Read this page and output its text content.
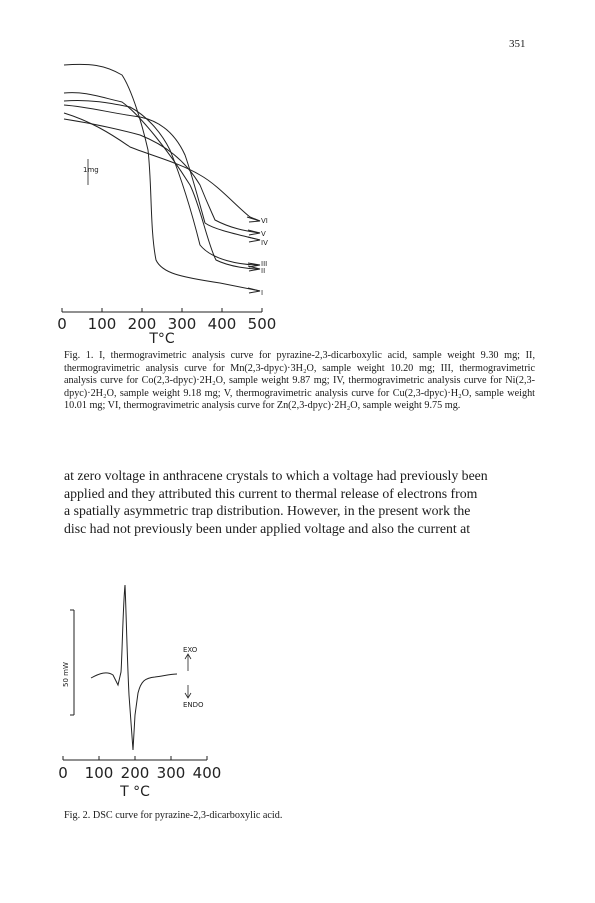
351
1mg
VI
V
IV
III
II
I
0 100 200 300 400 500
T°C
Fig. 1. I, thermogravimetric analysis curve for pyrazine-2,3-dicarboxylic acid, sample weight 9.30 mg; II, thermogravimetric analysis curve for Mn(2,3-dpyc)·3H₂O, sample weight 10.20 mg; III, thermogravimetric analysis curve for Co(2,3-dpyc)·2H₂O, sample weight 9.87 mg; IV, thermogravimetric analysis curve for Ni(2,3-dpyc)·2H₂O, sample weight 9.18 mg; V, thermogravimetric analysis curve for Cu(2,3-dpyc)·H₂O, sample weight 10.01 mg; VI, thermogravimetric analysis curve for Zn(2,3-dpyc)·2H₂O, sample weight 9.75 mg.
at zero voltage in anthracene crystals to which a voltage had previously been
applied and they attributed this current to thermal release of electrons from
a spatially asymmetric trap distribution. However, in the present work the
disc had not previously been under applied voltage and also the current at
50 mW
EXO
ENDO
0 100 200 300 400
T °C
Fig. 2. DSC curve for pyrazine-2,3-dicarboxylic acid.
